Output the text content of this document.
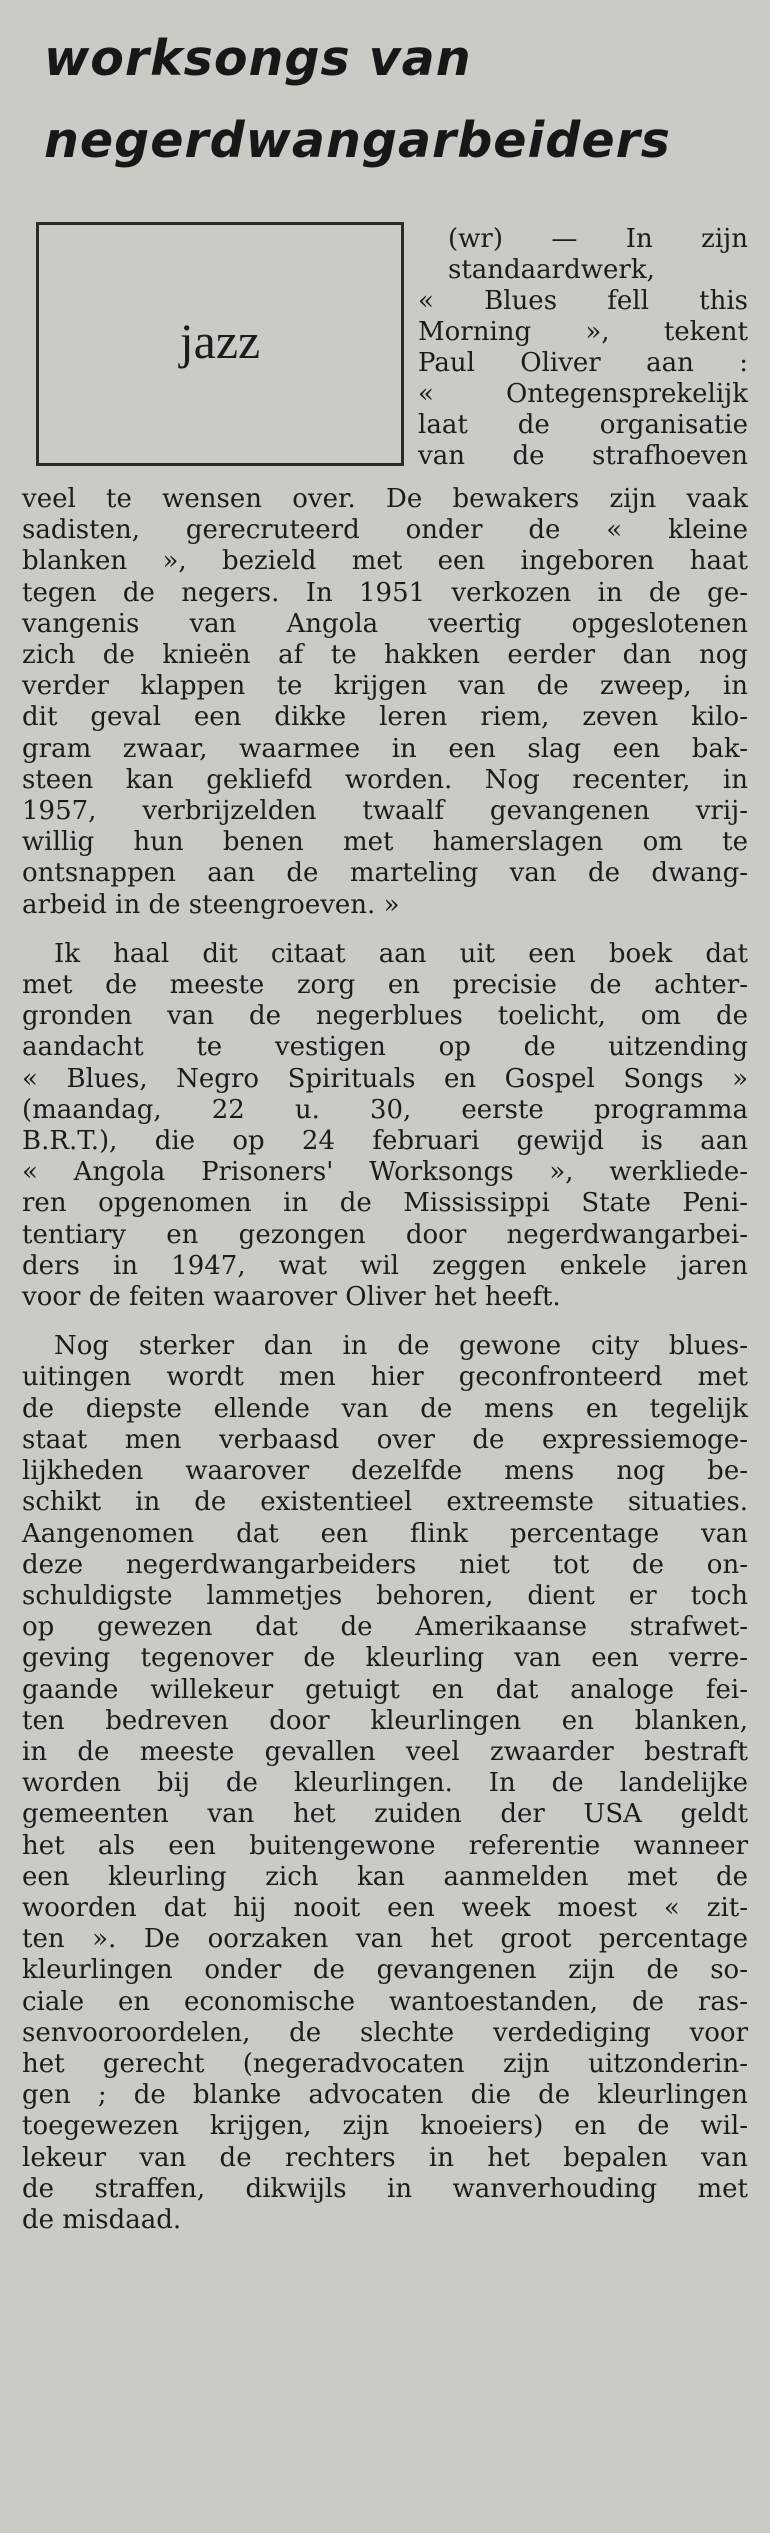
worksongs van
negerdwangarbeiders
jazz
(wr) — In zijn
standaardwerk,
« Blues fell this
Morning », tekent
Paul Oliver aan :
« Ontegensprekelijk
laat de organisatie
van de strafhoeven

veel te wensen over. De bewakers zijn vaak
sadisten, gerecruteerd onder de « kleine
blanken », bezield met een ingeboren haat
tegen de negers. In 1951 verkozen in de ge-
vangenis van Angola veertig opgeslotenen
zich de knieën af te hakken eerder dan nog
verder klappen te krijgen van de zweep, in
dit geval een dikke leren riem, zeven kilo-
gram zwaar, waarmee in een slag een bak-
steen kan gekliefd worden. Nog recenter, in
1957, verbrijzelden twaalf gevangenen vrij-
willig hun benen met hamerslagen om te
ontsnappen aan de marteling van de dwang-
arbeid in de steengroeven. »

Ik haal dit citaat aan uit een boek dat
met de meeste zorg en precisie de achter-
gronden van de negerblues toelicht, om de
aandacht te vestigen op de uitzending
« Blues, Negro Spirituals en Gospel Songs »
(maandag, 22 u. 30, eerste programma
B.R.T.), die op 24 februari gewijd is aan
« Angola Prisoners' Worksongs », werkliede-
ren opgenomen in de Mississippi State Peni-
tentiary en gezongen door negerdwangarbei-
ders in 1947, wat wil zeggen enkele jaren
voor de feiten waarover Oliver het heeft.

Nog sterker dan in de gewone city blues-
uitingen wordt men hier geconfronteerd met
de diepste ellende van de mens en tegelijk
staat men verbaasd over de expressiemoge-
lijkheden waarover dezelfde mens nog be-
schikt in de existentieel extreemste situaties.
Aangenomen dat een flink percentage van
deze negerdwangarbeiders niet tot de on-
schuldigste lammetjes behoren, dient er toch
op gewezen dat de Amerikaanse strafwet-
geving tegenover de kleurling van een verre-
gaande willekeur getuigt en dat analoge fei-
ten bedreven door kleurlingen en blanken,
in de meeste gevallen veel zwaarder bestraft
worden bij de kleurlingen. In de landelijke
gemeenten van het zuiden der USA geldt
het als een buitengewone referentie wanneer
een kleurling zich kan aanmelden met de
woorden dat hij nooit een week moest « zit-
ten ». De oorzaken van het groot percentage
kleurlingen onder de gevangenen zijn de so-
ciale en economische wantoestanden, de ras-
senvooroordelen, de slechte verdediging voor
het gerecht (negeradvocaten zijn uitzonderin-
gen ; de blanke advocaten die de kleurlingen
toegewezen krijgen, zijn knoeiers) en de wil-
lekeur van de rechters in het bepalen van
de straffen, dikwijls in wanverhouding met
de misdaad.
